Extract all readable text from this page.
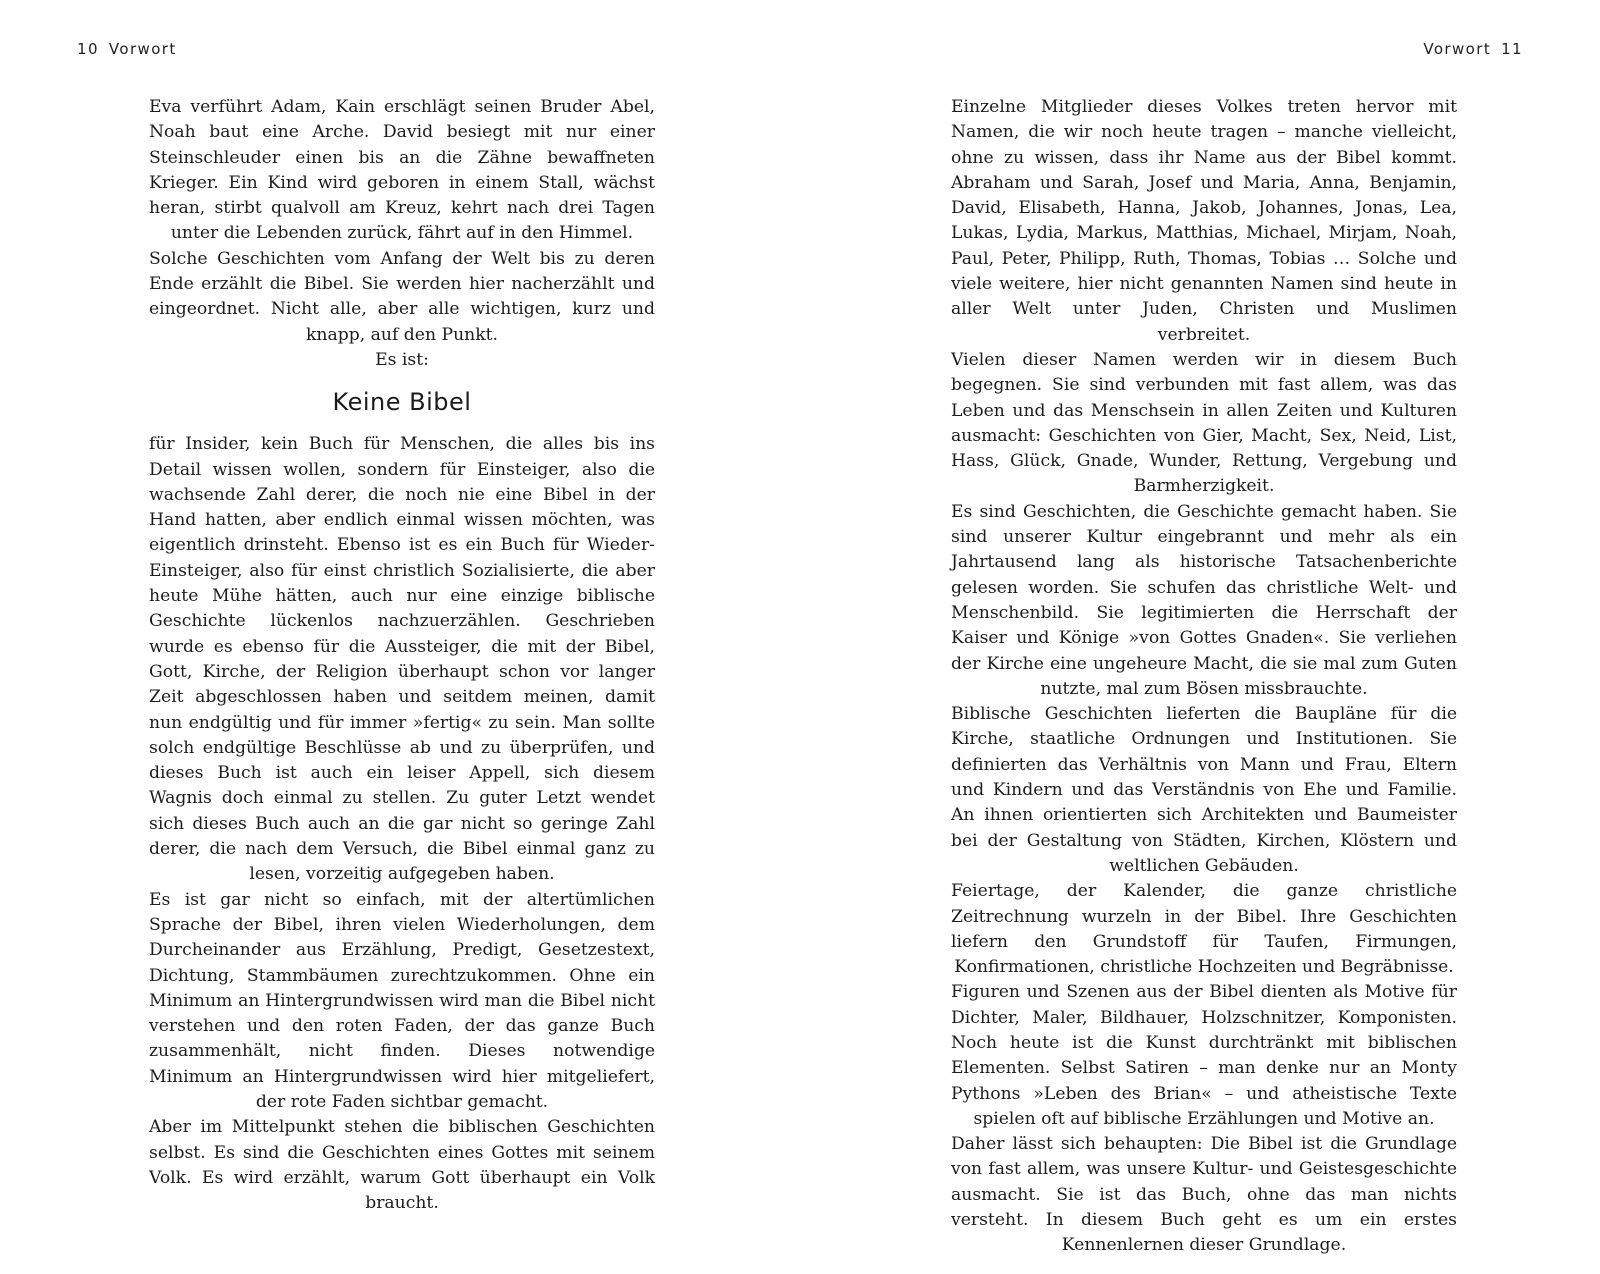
10 Vorwort

Eva verführt Adam, Kain erschlägt seinen Bruder Abel, Noah baut eine Arche. David besiegt mit nur einer Steinschleuder einen bis an die Zähne bewaffneten Krieger. Ein Kind wird geboren in einem Stall, wächst heran, stirbt qualvoll am Kreuz, kehrt nach drei Tagen unter die Lebenden zurück, fährt auf in den Himmel.

Solche Geschichten vom Anfang der Welt bis zu deren Ende erzählt die Bibel. Sie werden hier nacherzählt und eingeordnet. Nicht alle, aber alle wichtigen, kurz und knapp, auf den Punkt.

Es ist:

Keine Bibel

für Insider, kein Buch für Menschen, die alles bis ins Detail wissen wollen, sondern für Einsteiger, also die wachsende Zahl derer, die noch nie eine Bibel in der Hand hatten, aber endlich einmal wissen möchten, was eigentlich drinsteht. Ebenso ist es ein Buch für Wieder-Einsteiger, also für einst christlich Sozialisierte, die aber heute Mühe hätten, auch nur eine einzige biblische Geschichte lückenlos nachzuerzählen. Geschrieben wurde es ebenso für die Aussteiger, die mit der Bibel, Gott, Kirche, der Religion überhaupt schon vor langer Zeit abgeschlossen haben und seitdem meinen, damit nun endgültig und für immer »fertig« zu sein. Man sollte solch endgültige Beschlüsse ab und zu überprüfen, und dieses Buch ist auch ein leiser Appell, sich diesem Wagnis doch einmal zu stellen. Zu guter Letzt wendet sich dieses Buch auch an die gar nicht so geringe Zahl derer, die nach dem Versuch, die Bibel einmal ganz zu lesen, vorzeitig aufgegeben haben.

Es ist gar nicht so einfach, mit der altertümlichen Sprache der Bibel, ihren vielen Wiederholungen, dem Durcheinander aus Erzählung, Predigt, Gesetzestext, Dichtung, Stammbäumen zurechtzukommen. Ohne ein Minimum an Hintergrundwissen wird man die Bibel nicht verstehen und den roten Faden, der das ganze Buch zusammenhält, nicht finden. Dieses notwendige Minimum an Hintergrundwissen wird hier mitgeliefert, der rote Faden sichtbar gemacht.

Aber im Mittelpunkt stehen die biblischen Geschichten selbst. Es sind die Geschichten eines Gottes mit seinem Volk. Es wird erzählt, warum Gott überhaupt ein Volk braucht.

Vorwort 11

Einzelne Mitglieder dieses Volkes treten hervor mit Namen, die wir noch heute tragen – manche vielleicht, ohne zu wissen, dass ihr Name aus der Bibel kommt. Abraham und Sarah, Josef und Maria, Anna, Benjamin, David, Elisabeth, Hanna, Jakob, Johannes, Jonas, Lea, Lukas, Lydia, Markus, Matthias, Michael, Mirjam, Noah, Paul, Peter, Philipp, Ruth, Thomas, Tobias … Solche und viele weitere, hier nicht genannten Namen sind heute in aller Welt unter Juden, Christen und Muslimen verbreitet.

Vielen dieser Namen werden wir in diesem Buch begegnen. Sie sind verbunden mit fast allem, was das Leben und das Menschsein in allen Zeiten und Kulturen ausmacht: Geschichten von Gier, Macht, Sex, Neid, List, Hass, Glück, Gnade, Wunder, Rettung, Vergebung und Barmherzigkeit.

Es sind Geschichten, die Geschichte gemacht haben. Sie sind unserer Kultur eingebrannt und mehr als ein Jahrtausend lang als historische Tatsachenberichte gelesen worden. Sie schufen das christliche Welt- und Menschenbild. Sie legitimierten die Herrschaft der Kaiser und Könige »von Gottes Gnaden«. Sie verliehen der Kirche eine ungeheure Macht, die sie mal zum Guten nutzte, mal zum Bösen missbrauchte.

Biblische Geschichten lieferten die Baupläne für die Kirche, staatliche Ordnungen und Institutionen. Sie definierten das Verhältnis von Mann und Frau, Eltern und Kindern und das Verständnis von Ehe und Familie. An ihnen orientierten sich Architekten und Baumeister bei der Gestaltung von Städten, Kirchen, Klöstern und weltlichen Gebäuden.

Feiertage, der Kalender, die ganze christliche Zeitrechnung wurzeln in der Bibel. Ihre Geschichten liefern den Grundstoff für Taufen, Firmungen, Konfirmationen, christliche Hochzeiten und Begräbnisse.

Figuren und Szenen aus der Bibel dienten als Motive für Dichter, Maler, Bildhauer, Holzschnitzer, Komponisten. Noch heute ist die Kunst durchtränkt mit biblischen Elementen. Selbst Satiren – man denke nur an Monty Pythons »Leben des Brian« – und atheistische Texte spielen oft auf biblische Erzählungen und Motive an.

Daher lässt sich behaupten: Die Bibel ist die Grundlage von fast allem, was unsere Kultur- und Geistesgeschichte ausmacht. Sie ist das Buch, ohne das man nichts versteht. In diesem Buch geht es um ein erstes Kennenlernen dieser Grundlage.
